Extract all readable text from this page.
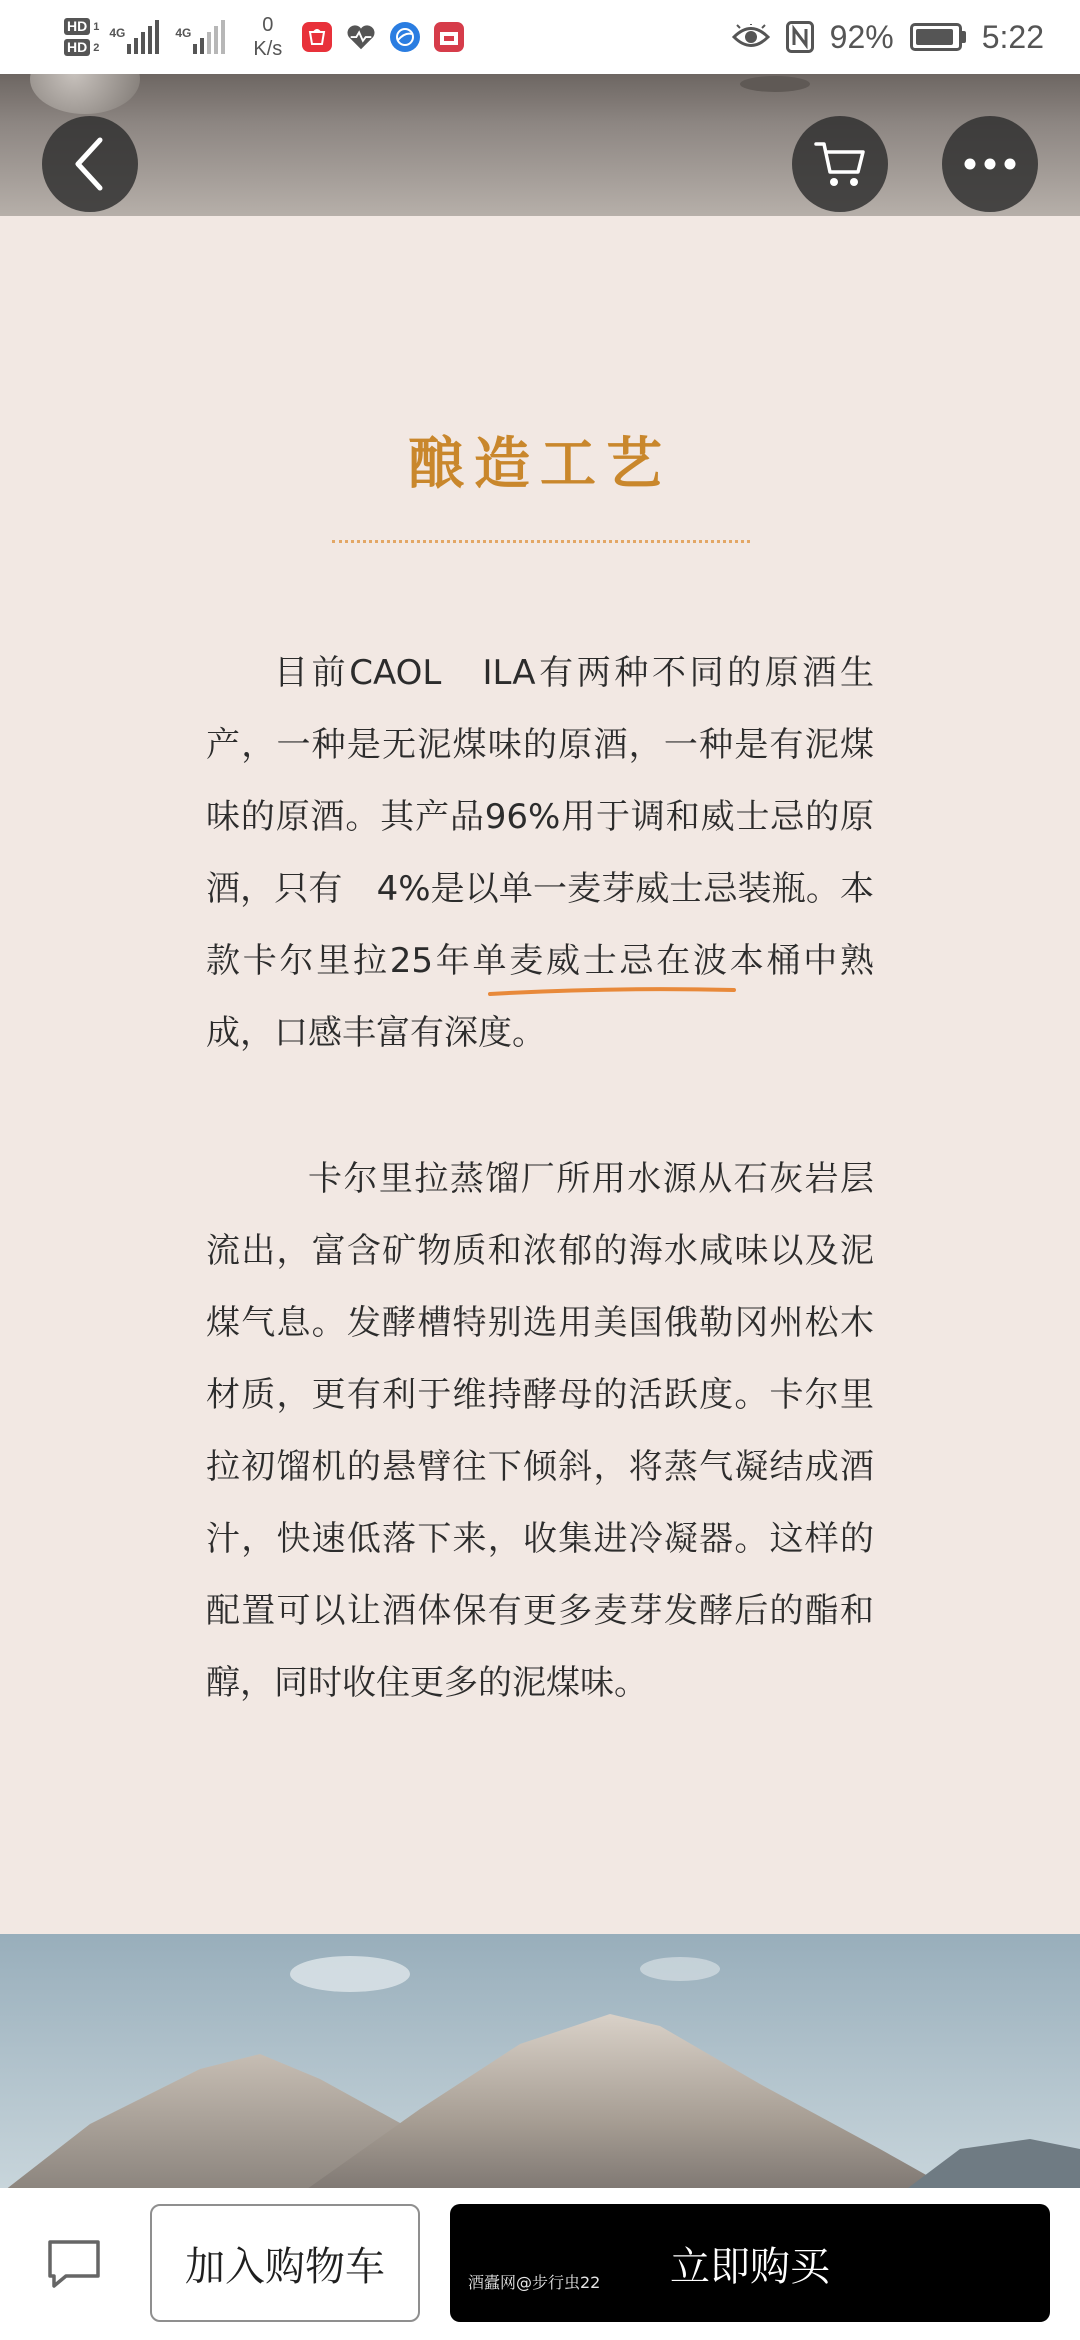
HD 1
HD 2
4G	4G	0
K/s	92%	5:22
酿造工艺

目前CAOL　ILA有两种不同的原酒生产，一种是无泥煤味的原酒，一种是有泥煤味的原酒。其产品96%用于调和威士忌的原酒，只有　4%是以单一麦芽威士忌装瓶。本款卡尔里拉25年单麦威士忌在波本桶中熟成，口感丰富有深度。

卡尔里拉蒸馏厂所用水源从石灰岩层流出，富含矿物质和浓郁的海水咸味以及泥煤气息。发酵槽特别选用美国俄勒冈州松木材质，更有利于维持酵母的活跃度。卡尔里拉初馏机的悬臂往下倾斜，将蒸气凝结成酒汁，快速低落下来，收集进冷凝器。这样的配置可以让酒体保有更多麦芽发酵后的酯和醇，同时收住更多的泥煤味。

加入购物车	立即购买
酒蠹网@步行虫22
